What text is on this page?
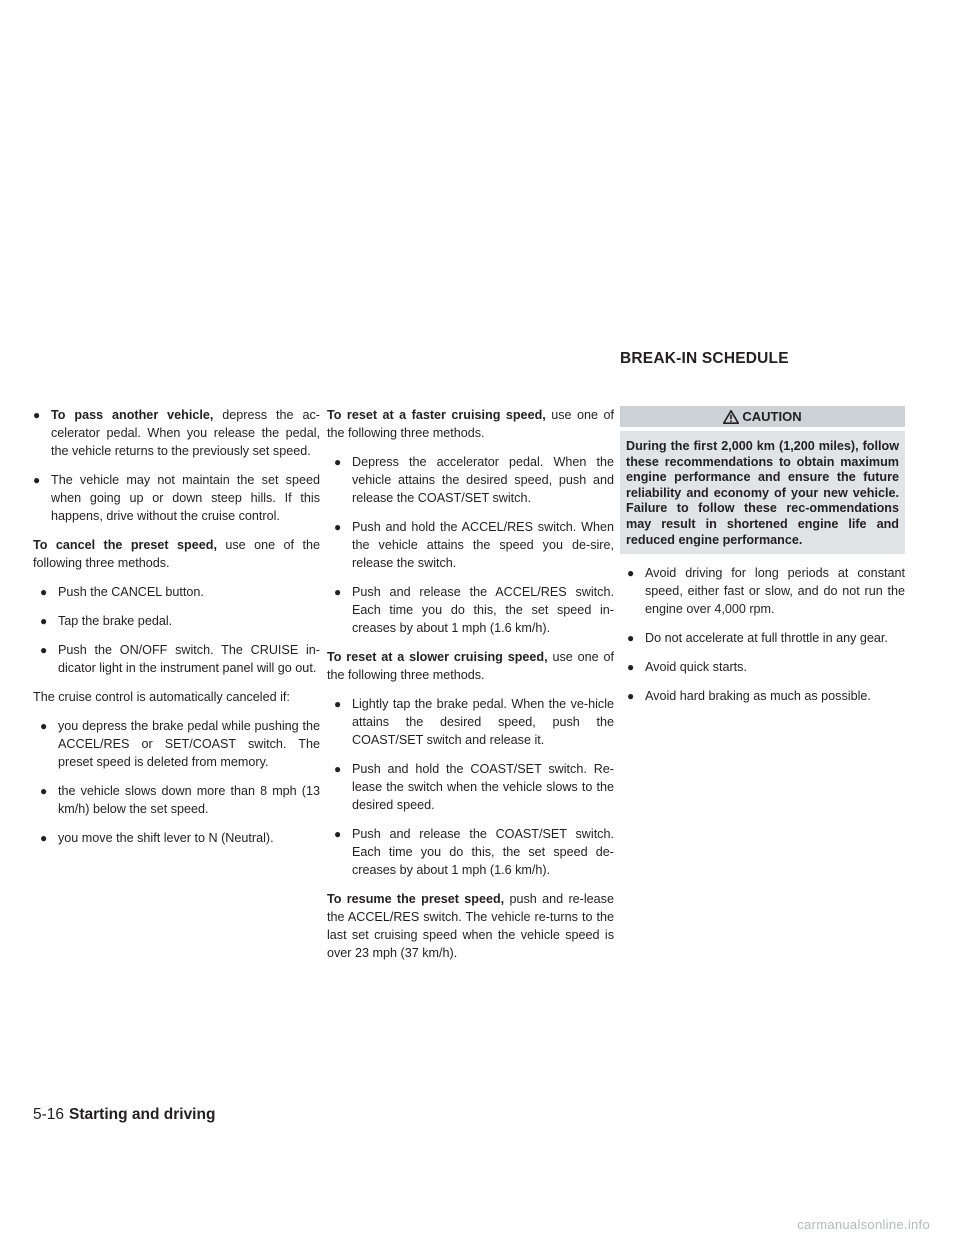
BREAK-IN SCHEDULE
● To pass another vehicle, depress the ac-celerator pedal. When you release the pedal, the vehicle returns to the previously set speed.
● The vehicle may not maintain the set speed when going up or down steep hills. If this happens, drive without the cruise control.

To cancel the preset speed, use one of the following three methods.

● Push the CANCEL button.
● Tap the brake pedal.
● Push the ON/OFF switch. The CRUISE in-dicator light in the instrument panel will go out.

The cruise control is automatically canceled if:

● you depress the brake pedal while pushing the ACCEL/RES or SET/COAST switch. The preset speed is deleted from memory.
● the vehicle slows down more than 8 mph (13 km/h) below the set speed.
● you move the shift lever to N (Neutral).

To reset at a faster cruising speed, use one of the following three methods.

● Depress the accelerator pedal. When the vehicle attains the desired speed, push and release the COAST/SET switch.
● Push and hold the ACCEL/RES switch. When the vehicle attains the speed you de-sire, release the switch.
● Push and release the ACCEL/RES switch. Each time you do this, the set speed in-creases by about 1 mph (1.6 km/h).

To reset at a slower cruising speed, use one of the following three methods.

● Lightly tap the brake pedal. When the ve-hicle attains the desired speed, push the COAST/SET switch and release it.
● Push and hold the COAST/SET switch. Re-lease the switch when the vehicle slows to the desired speed.
● Push and release the COAST/SET switch. Each time you do this, the set speed de-creases by about 1 mph (1.6 km/h).

To resume the preset speed, push and re-lease the ACCEL/RES switch. The vehicle re-turns to the last set cruising speed when the vehicle speed is over 23 mph (37 km/h).

CAUTION
During the first 2,000 km (1,200 miles), follow these recommendations to obtain maximum engine performance and ensure the future reliability and economy of your new vehicle. Failure to follow these rec-ommendations may result in shortened engine life and reduced engine performance.
● Avoid driving for long periods at constant speed, either fast or slow, and do not run the engine over 4,000 rpm.
● Do not accelerate at full throttle in any gear.
● Avoid quick starts.
● Avoid hard braking as much as possible.
5-16 Starting and driving
carmanualsonline.info
